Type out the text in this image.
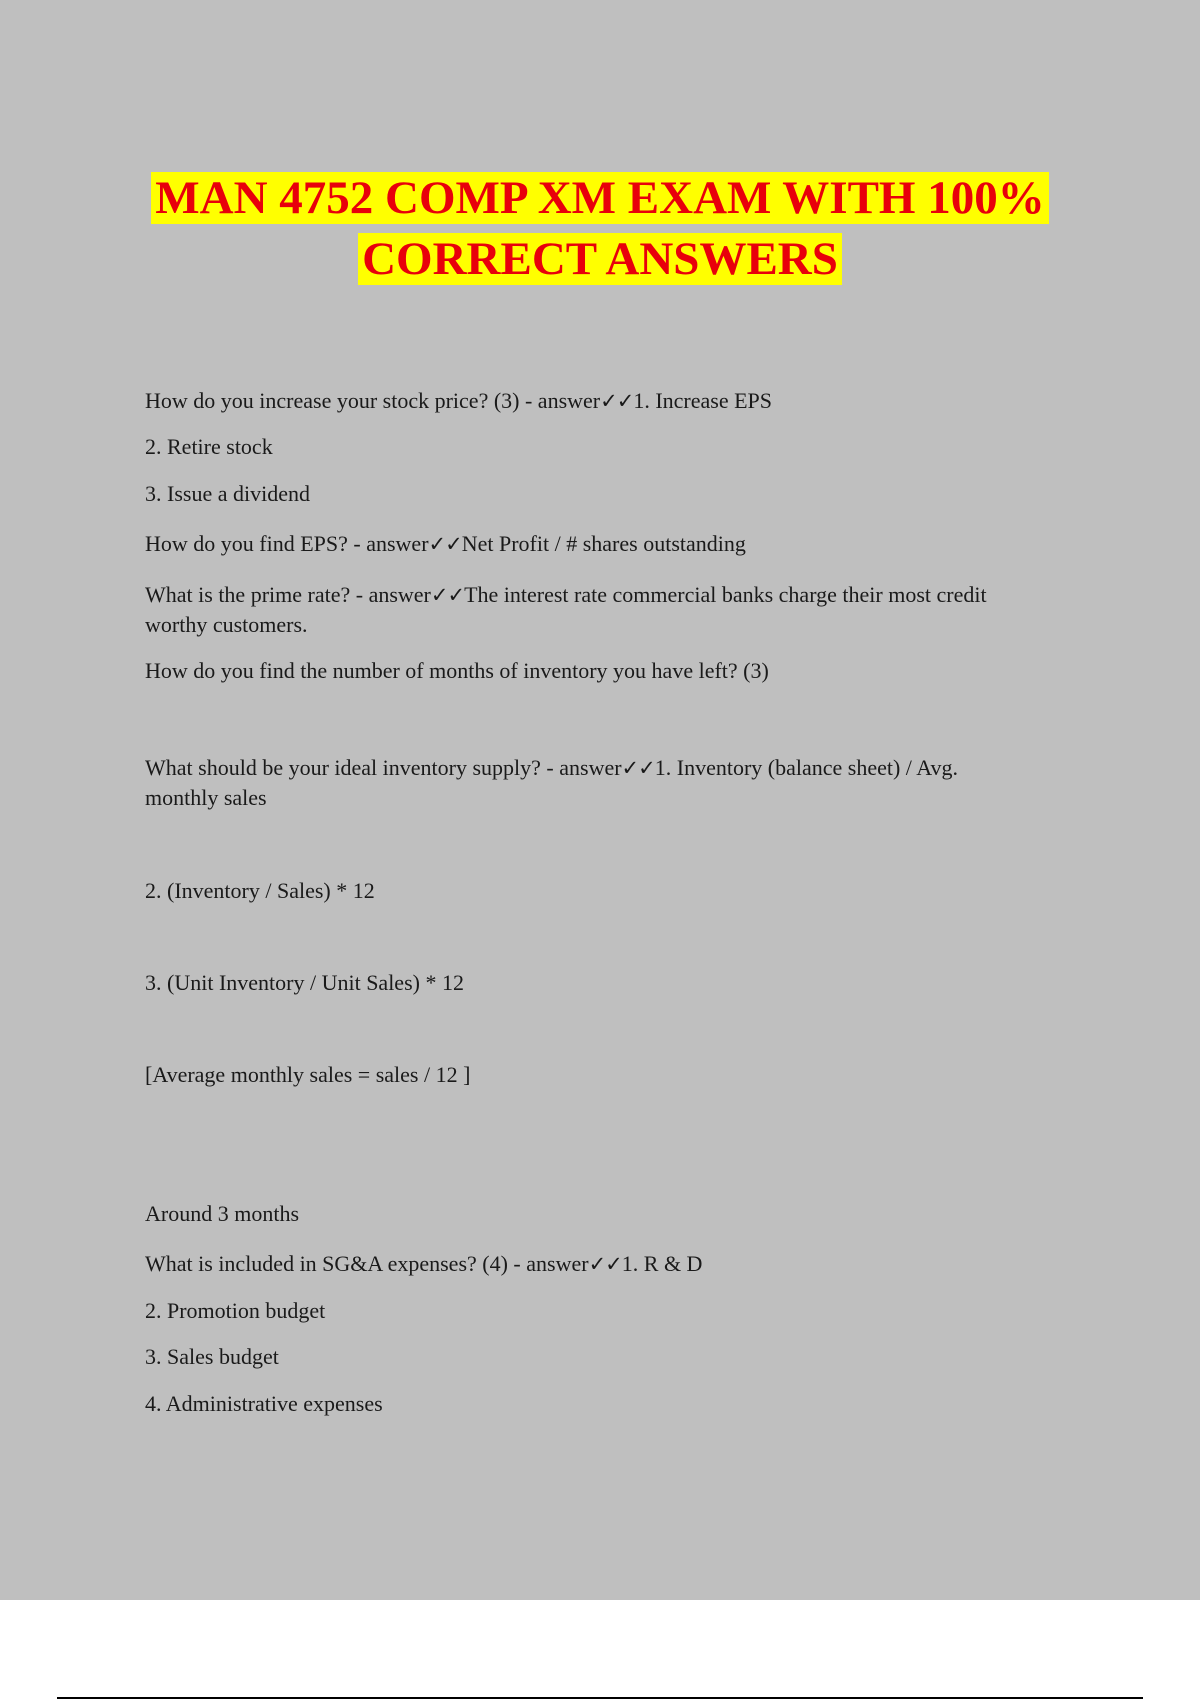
MAN 4752 COMP XM EXAM WITH 100%
CORRECT ANSWERS

How do you increase your stock price? (3) - answer✓✓1. Increase EPS

2. Retire stock

3. Issue a dividend

How do you find EPS? - answer✓✓Net Profit / # shares outstanding

What is the prime rate? - answer✓✓The interest rate commercial banks charge their most credit

worthy customers.

How do you find the number of months of inventory you have left? (3)

What should be your ideal inventory supply? - answer✓✓1. Inventory (balance sheet) / Avg.

monthly sales

2. (Inventory / Sales) * 12

3. (Unit Inventory / Unit Sales) * 12

[Average monthly sales = sales / 12 ]

Around 3 months

What is included in SG&A expenses? (4) - answer✓✓1. R & D

2. Promotion budget

3. Sales budget

4. Administrative expenses
